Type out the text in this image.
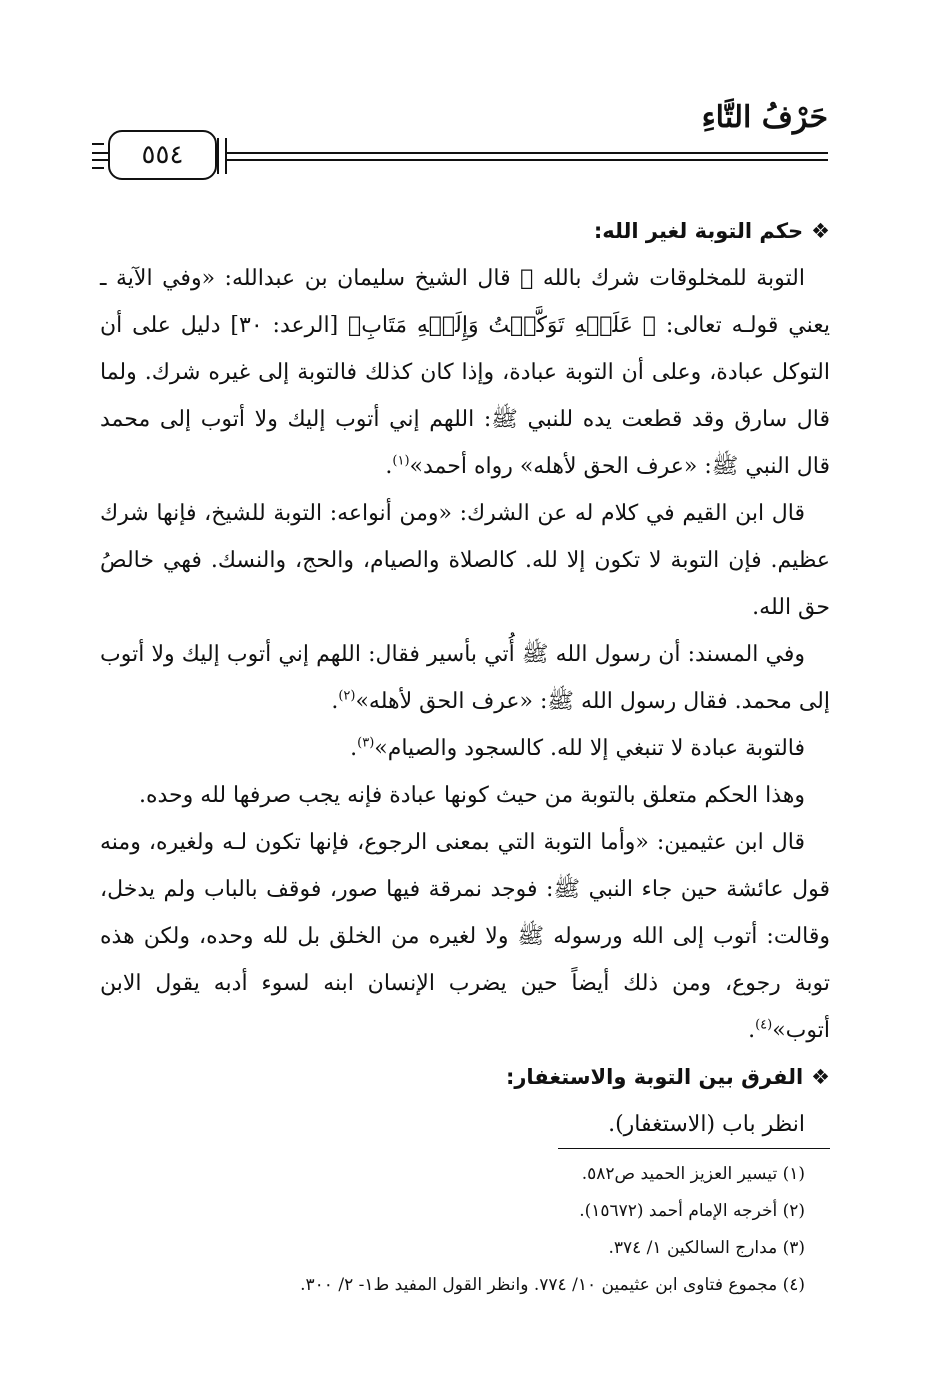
حَرْفُ التَّاءِ
٥٥٤
❖حكم التوبة لغير الله:

التوبة للمخلوقات شرك بالله ﷻ قال الشيخ سليمان بن عبدالله: «وفي الآية ـ يعني قولـه تعالى: ﴿ عَلَيۡهِ تَوَكَّلۡتُ وَإِلَيۡهِ مَتَابِ﴾ [الرعد: ٣٠] دليل على أن التوكل عبادة، وعلى أن التوبة عبادة، وإذا كان كذلك فالتوبة إلى غيره شرك. ولما قال سارق وقد قطعت يده للنبي ﷺ: اللهم إني أتوب إليك ولا أتوب إلى محمد قال النبي ﷺ: «عرف الحق لأهله» رواه أحمد»$^{(١)}$.

قال ابن القيم في كلام له عن الشرك: «ومن أنواعه: التوبة للشيخ، فإنها شرك عظيم. فإن التوبة لا تكون إلا لله. كالصلاة والصيام، والحج، والنسك. فهي خالصُ حق الله.

وفي المسند: أن رسول الله ﷺ أُتي بأسير فقال: اللهم إني أتوب إليك ولا أتوب إلى محمد. فقال رسول الله ﷺ: «عرف الحق لأهله»$^{(٢)}$.

فالتوبة عبادة لا تنبغي إلا لله. كالسجود والصيام»$^{(٣)}$.

وهذا الحكم متعلق بالتوبة من حيث كونها عبادة فإنه يجب صرفها لله وحده.

قال ابن عثيمين: «وأما التوبة التي بمعنى الرجوع، فإنها تكون لـه ولغيره، ومنه قول عائشة حين جاء النبي ﷺ: فوجد نمرقة فيها صور، فوقف بالباب ولم يدخل، وقالت: أتوب إلى الله ورسوله ﷺ ولا لغيره من الخلق بل لله وحده، ولكن هذه توبة رجوع، ومن ذلك أيضاً حين يضرب الإنسان ابنه لسوء أدبه يقول الابن أتوب»$^{(٤)}$.

❖الفرق بين التوبة والاستغفار:

انظر باب (الاستغفار).

(١) تيسير العزيز الحميد ص٥٨٢.

(٢) أخرجه الإمام أحمد (١٥٦٧٢).

(٣) مدارج السالكين ١/ ٣٧٤.

(٤) مجموع فتاوى ابن عثيمين ١٠/ ٧٧٤. وانظر القول المفيد ط١- ٢/ ٣٠٠.
